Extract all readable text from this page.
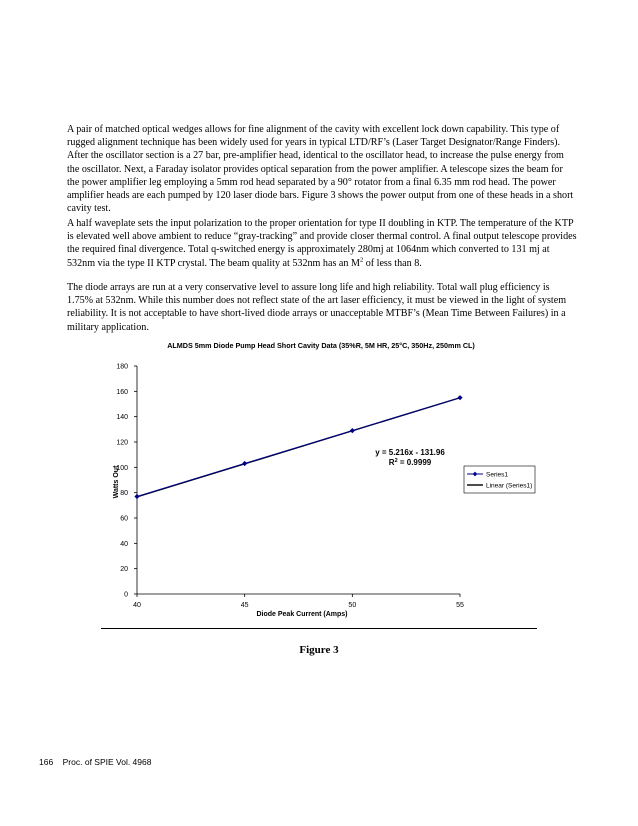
A pair of matched optical wedges allows for fine alignment of the cavity with excellent lock down capability. This type of rugged alignment technique has been widely used for years in typical LTD/RF’s (Laser Target Designator/Range Finders). After the oscillator section is a 27 bar, pre-amplifier head, identical to the oscillator head, to increase the pulse energy from the oscillator. Next, a Faraday isolator provides optical separation from the power amplifier. A telescope sizes the beam for the power amplifier leg employing a 5mm rod head separated by a 90° rotator from a final 6.35 mm rod head. The power amplifier heads are each pumped by 120 laser diode bars. Figure 3 shows the power output from one of these heads in a short cavity test.

A half waveplate sets the input polarization to the proper orientation for type II doubling in KTP. The temperature of the KTP is elevated well above ambient to reduce “gray-tracking” and provide closer thermal control. A final output telescope provides the required final divergence. Total q-switched energy is approximately 280mj at 1064nm which converted to 131 mj at 532nm via the type II KTP crystal. The beam quality at 532nm has an $M^2$ of less than 8.

The diode arrays are run at a very conservative level to assure long life and high reliability. Total wall plug efficiency is 1.75% at 532nm. While this number does not reflect state of the art laser efficiency, it must be viewed in the light of system reliability. It is not acceptable to have short-lived diode arrays or unacceptable MTBF’s (Mean Time Between Failures) in a military application.

ALMDS 5mm Diode Pump Head Short Cavity Data (35%R, 5M HR, 25°C, 350Hz, 250mm CL)
0
20
40
60
80
100
120
140
160
180
40	45	50	55
Watts Out
Diode Peak Current (Amps)
y = 5.216x - 131.96
$R^2 = 0.9999$
Series1
Linear (Series1)
Figure 3
166 Proc. of SPIE Vol. 4968
